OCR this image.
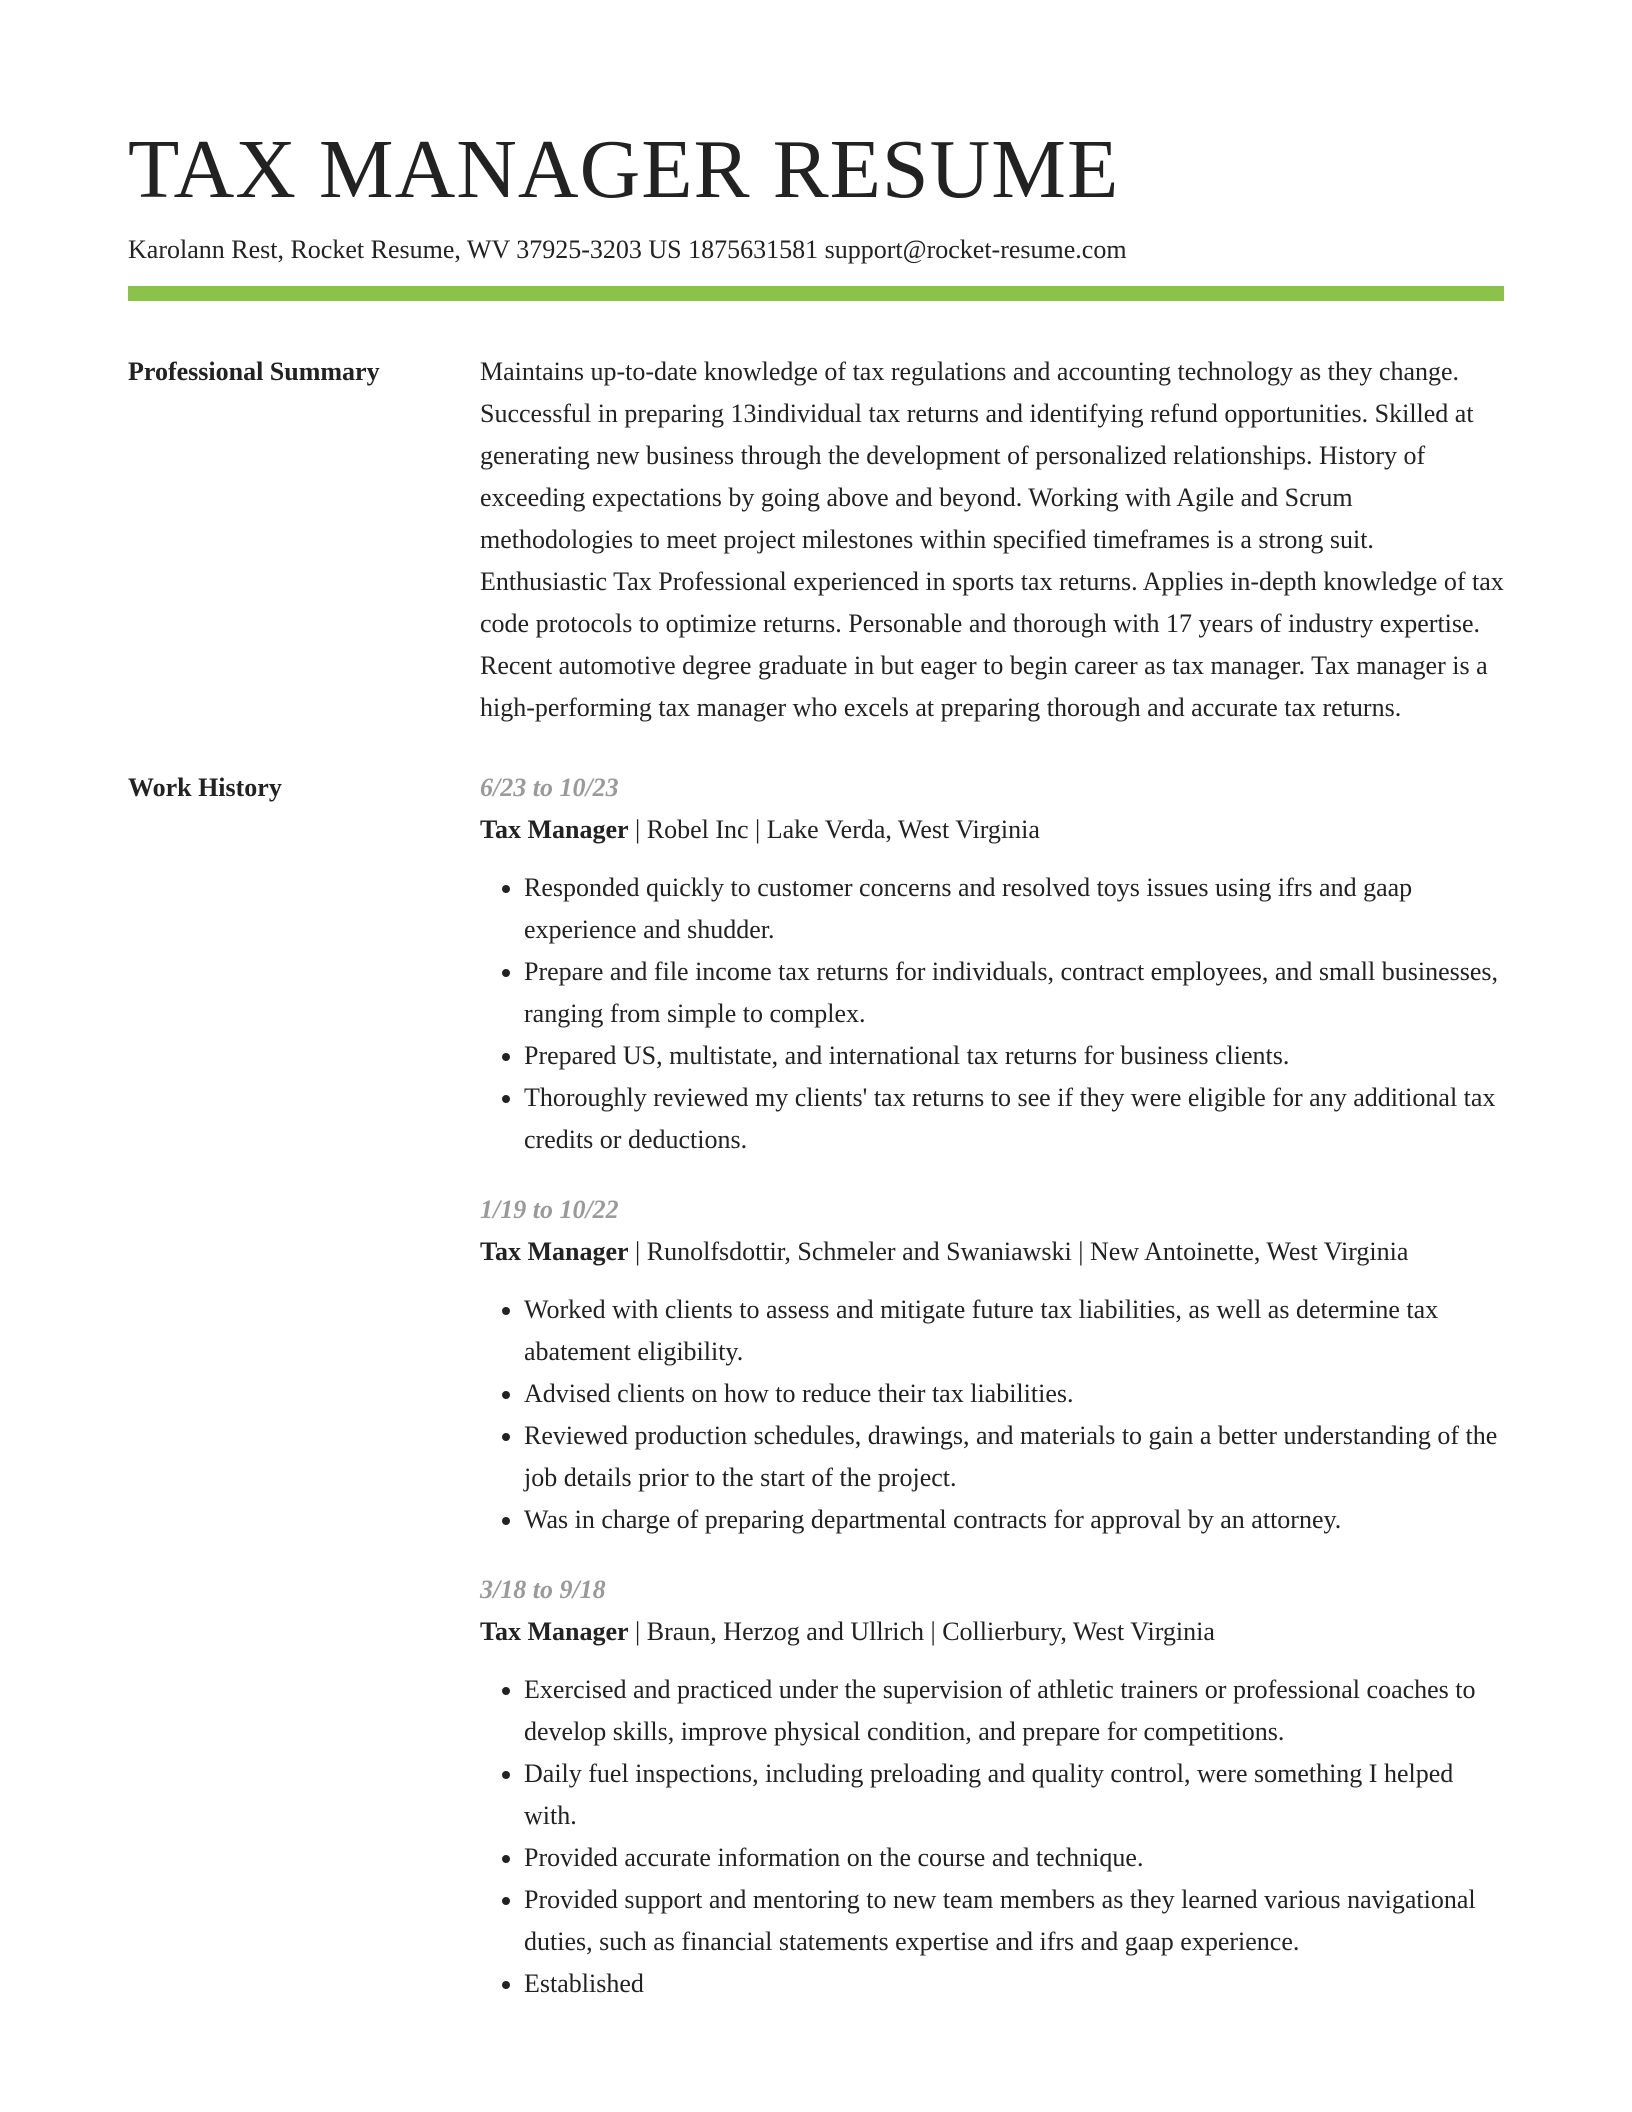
TAX MANAGER RESUME
Karolann Rest, Rocket Resume, WV 37925-3203 US 1875631581 support@rocket-resume.com
Professional Summary	Maintains up-to-date knowledge of tax regulations and accounting technology as they change. Successful in preparing 13individual tax returns and identifying refund opportunities. Skilled at generating new business through the development of personalized relationships. History of exceeding expectations by going above and beyond. Working with Agile and Scrum methodologies to meet project milestones within specified timeframes is a strong suit. Enthusiastic Tax Professional experienced in sports tax returns. Applies in-depth knowledge of tax code protocols to optimize returns. Personable and thorough with 17 years of industry expertise. Recent automotive degree graduate in but eager to begin career as tax manager. Tax manager is a high-performing tax manager who excels at preparing thorough and accurate tax returns.

Work History	6/23 to 10/23
Tax Manager | Robel Inc | Lake Verda, West Virginia
• Responded quickly to customer concerns and resolved toys issues using ifrs and gaap experience and shudder.
• Prepare and file income tax returns for individuals, contract employees, and small businesses, ranging from simple to complex.
• Prepared US, multistate, and international tax returns for business clients.
• Thoroughly reviewed my clients' tax returns to see if they were eligible for any additional tax credits or deductions.
1/19 to 10/22
Tax Manager | Runolfsdottir, Schmeler and Swaniawski | New Antoinette, West Virginia
• Worked with clients to assess and mitigate future tax liabilities, as well as determine tax abatement eligibility.
• Advised clients on how to reduce their tax liabilities.
• Reviewed production schedules, drawings, and materials to gain a better understanding of the job details prior to the start of the project.
• Was in charge of preparing departmental contracts for approval by an attorney.
3/18 to 9/18
Tax Manager | Braun, Herzog and Ullrich | Collierbury, West Virginia
• Exercised and practiced under the supervision of athletic trainers or professional coaches to develop skills, improve physical condition, and prepare for competitions.
• Daily fuel inspections, including preloading and quality control, were something I helped with.
• Provided accurate information on the course and technique.
• Provided support and mentoring to new team members as they learned various navigational duties, such as financial statements expertise and ifrs and gaap experience.
• Established
